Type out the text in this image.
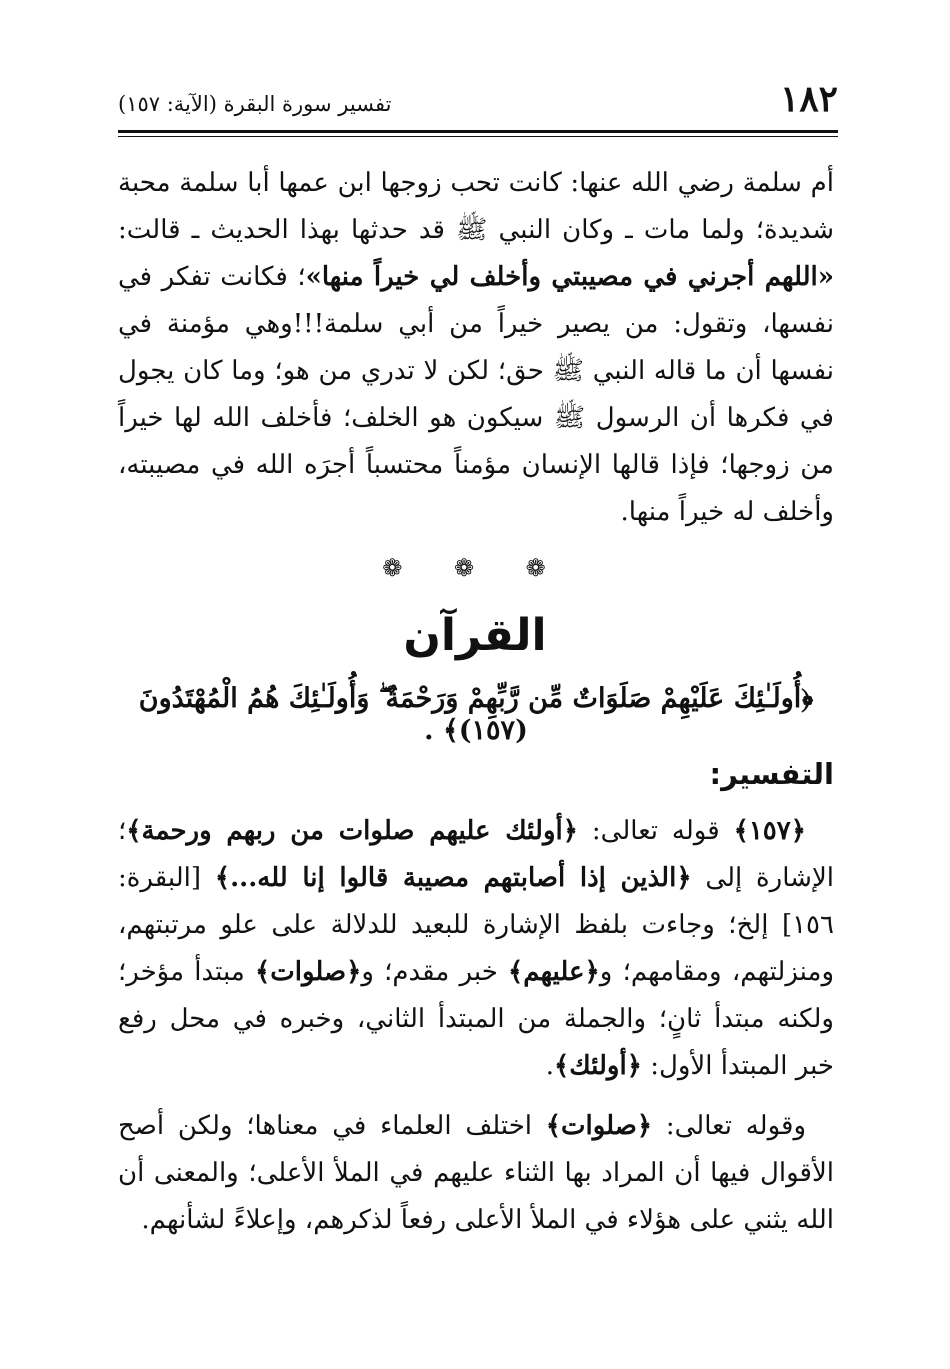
١٨٢
تفسير سورة البقرة (الآية: ١٥٧)

أم سلمة رضي الله عنها: كانت تحب زوجها ابن عمها أبا سلمة محبة شديدة؛ ولما مات ـ وكان النبي ﷺ قد حدثها بهذا الحديث ـ قالت: «اللهم أجرني في مصيبتي وأخلف لي خيراً منها»؛ فكانت تفكر في نفسها، وتقول: من يصير خيراً من أبي سلمة!!!وهي مؤمنة في نفسها أن ما قاله النبي ﷺ حق؛ لكن لا تدري من هو؛ وما كان يجول في فكرها أن الرسول ﷺ سيكون هو الخلف؛ فأخلف الله لها خيراً من زوجها؛ فإذا قالها الإنسان مؤمناً محتسباً أجرَه الله في مصيبته، وأخلف له خيراً منها.

❁ ❁ ❁
القرآن
﴿أُولَـٰئِكَ عَلَيْهِمْ صَلَوَاتٌ مِّن رَّبِّهِمْ وَرَحْمَةٌ ۖ وَأُولَـٰئِكَ هُمُ الْمُهْتَدُونَ (١٥٧)﴾ .
التفسير:

﴿١٥٧﴾ قوله تعالى: ﴿أولئك عليهم صلوات من ربهم ورحمة﴾؛ الإشارة إلى ﴿الذين إذا أصابتهم مصيبة قالوا إنا لله...﴾ [البقرة: ١٥٦] إلخ؛ وجاءت بلفظ الإشارة للبعيد للدلالة على علو مرتبتهم، ومنزلتهم، ومقامهم؛ و﴿عليهم﴾ خبر مقدم؛ و﴿صلوات﴾ مبتدأ مؤخر؛ ولكنه مبتدأ ثانٍ؛ والجملة من المبتدأ الثاني، وخبره في محل رفع خبر المبتدأ الأول: ﴿أولئك﴾.

وقوله تعالى: ﴿صلوات﴾ اختلف العلماء في معناها؛ ولكن أصح الأقوال فيها أن المراد بها الثناء عليهم في الملأ الأعلى؛ والمعنى أن الله يثني على هؤلاء في الملأ الأعلى رفعاً لذكرهم، وإعلاءً لشأنهم.
